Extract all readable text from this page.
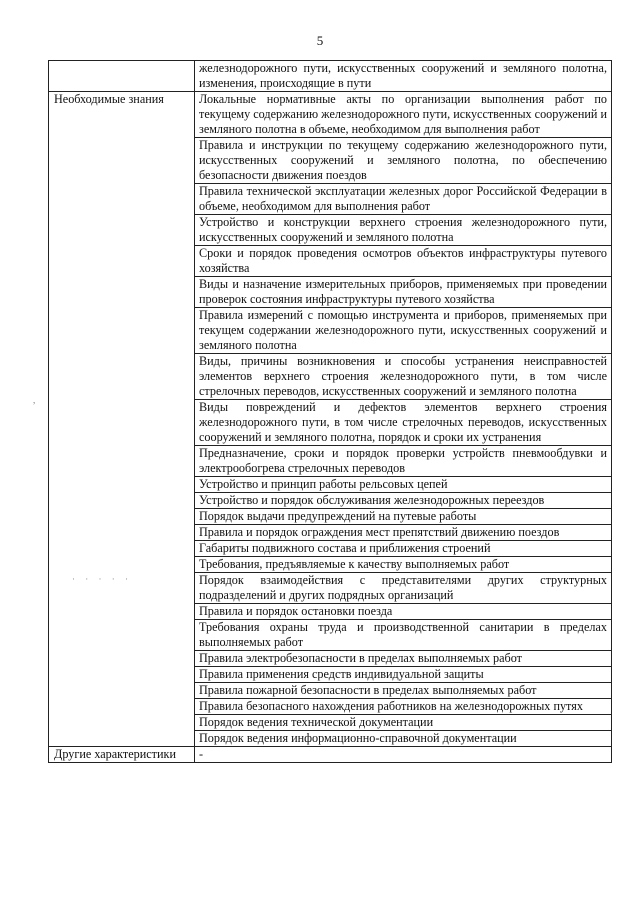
5
,
· · · · ·
	железнодорожного пути, искусственных сооружений и земляного полотна, изменения, происходящие в пути
Необходимые знания	Локальные нормативные акты по организации выполнения работ по текущему содержанию железнодорожного пути, искусственных сооружений и земляного полотна в объеме, необходимом для выполнения работ
	Правила и инструкции по текущему содержанию железнодорожного пути, искусственных сооружений и земляного полотна, по обеспечению безопасности движения поездов
	Правила технической эксплуатации железных дорог Российской Федерации в объеме, необходимом для выполнения работ
	Устройство и конструкции верхнего строения железнодорожного пути, искусственных сооружений и земляного полотна
	Сроки и порядок проведения осмотров объектов инфраструктуры путевого хозяйства
	Виды и назначение измерительных приборов, применяемых при проведении проверок состояния инфраструктуры путевого хозяйства
	Правила измерений с помощью инструмента и приборов, применяемых при текущем содержании железнодорожного пути, искусственных сооружений и земляного полотна
	Виды, причины возникновения и способы устранения неисправностей элементов верхнего строения железнодорожного пути, в том числе стрелочных переводов, искусственных сооружений и земляного полотна
	Виды повреждений и дефектов элементов верхнего строения железнодорожного пути, в том числе стрелочных переводов, искусственных сооружений и земляного полотна, порядок и сроки их устранения
	Предназначение, сроки и порядок проверки устройств пневмообдувки и электрообогрева стрелочных переводов
	Устройство и принцип работы рельсовых цепей
	Устройство и порядок обслуживания железнодорожных переездов
	Порядок выдачи предупреждений на путевые работы
	Правила и порядок ограждения мест препятствий движению поездов
	Габариты подвижного состава и приближения строений
	Требования, предъявляемые к качеству выполняемых работ
	Порядок взаимодействия с представителями других структурных подразделений и других подрядных организаций
	Правила и порядок остановки поезда
	Требования охраны труда и производственной санитарии в пределах выполняемых работ
	Правила электробезопасности в пределах выполняемых работ
	Правила применения средств индивидуальной защиты
	Правила пожарной безопасности в пределах выполняемых работ
	Правила безопасного нахождения работников на железнодорожных путях
	Порядок ведения технической документации
	Порядок ведения информационно-справочной документации
Другие характеристики	-
